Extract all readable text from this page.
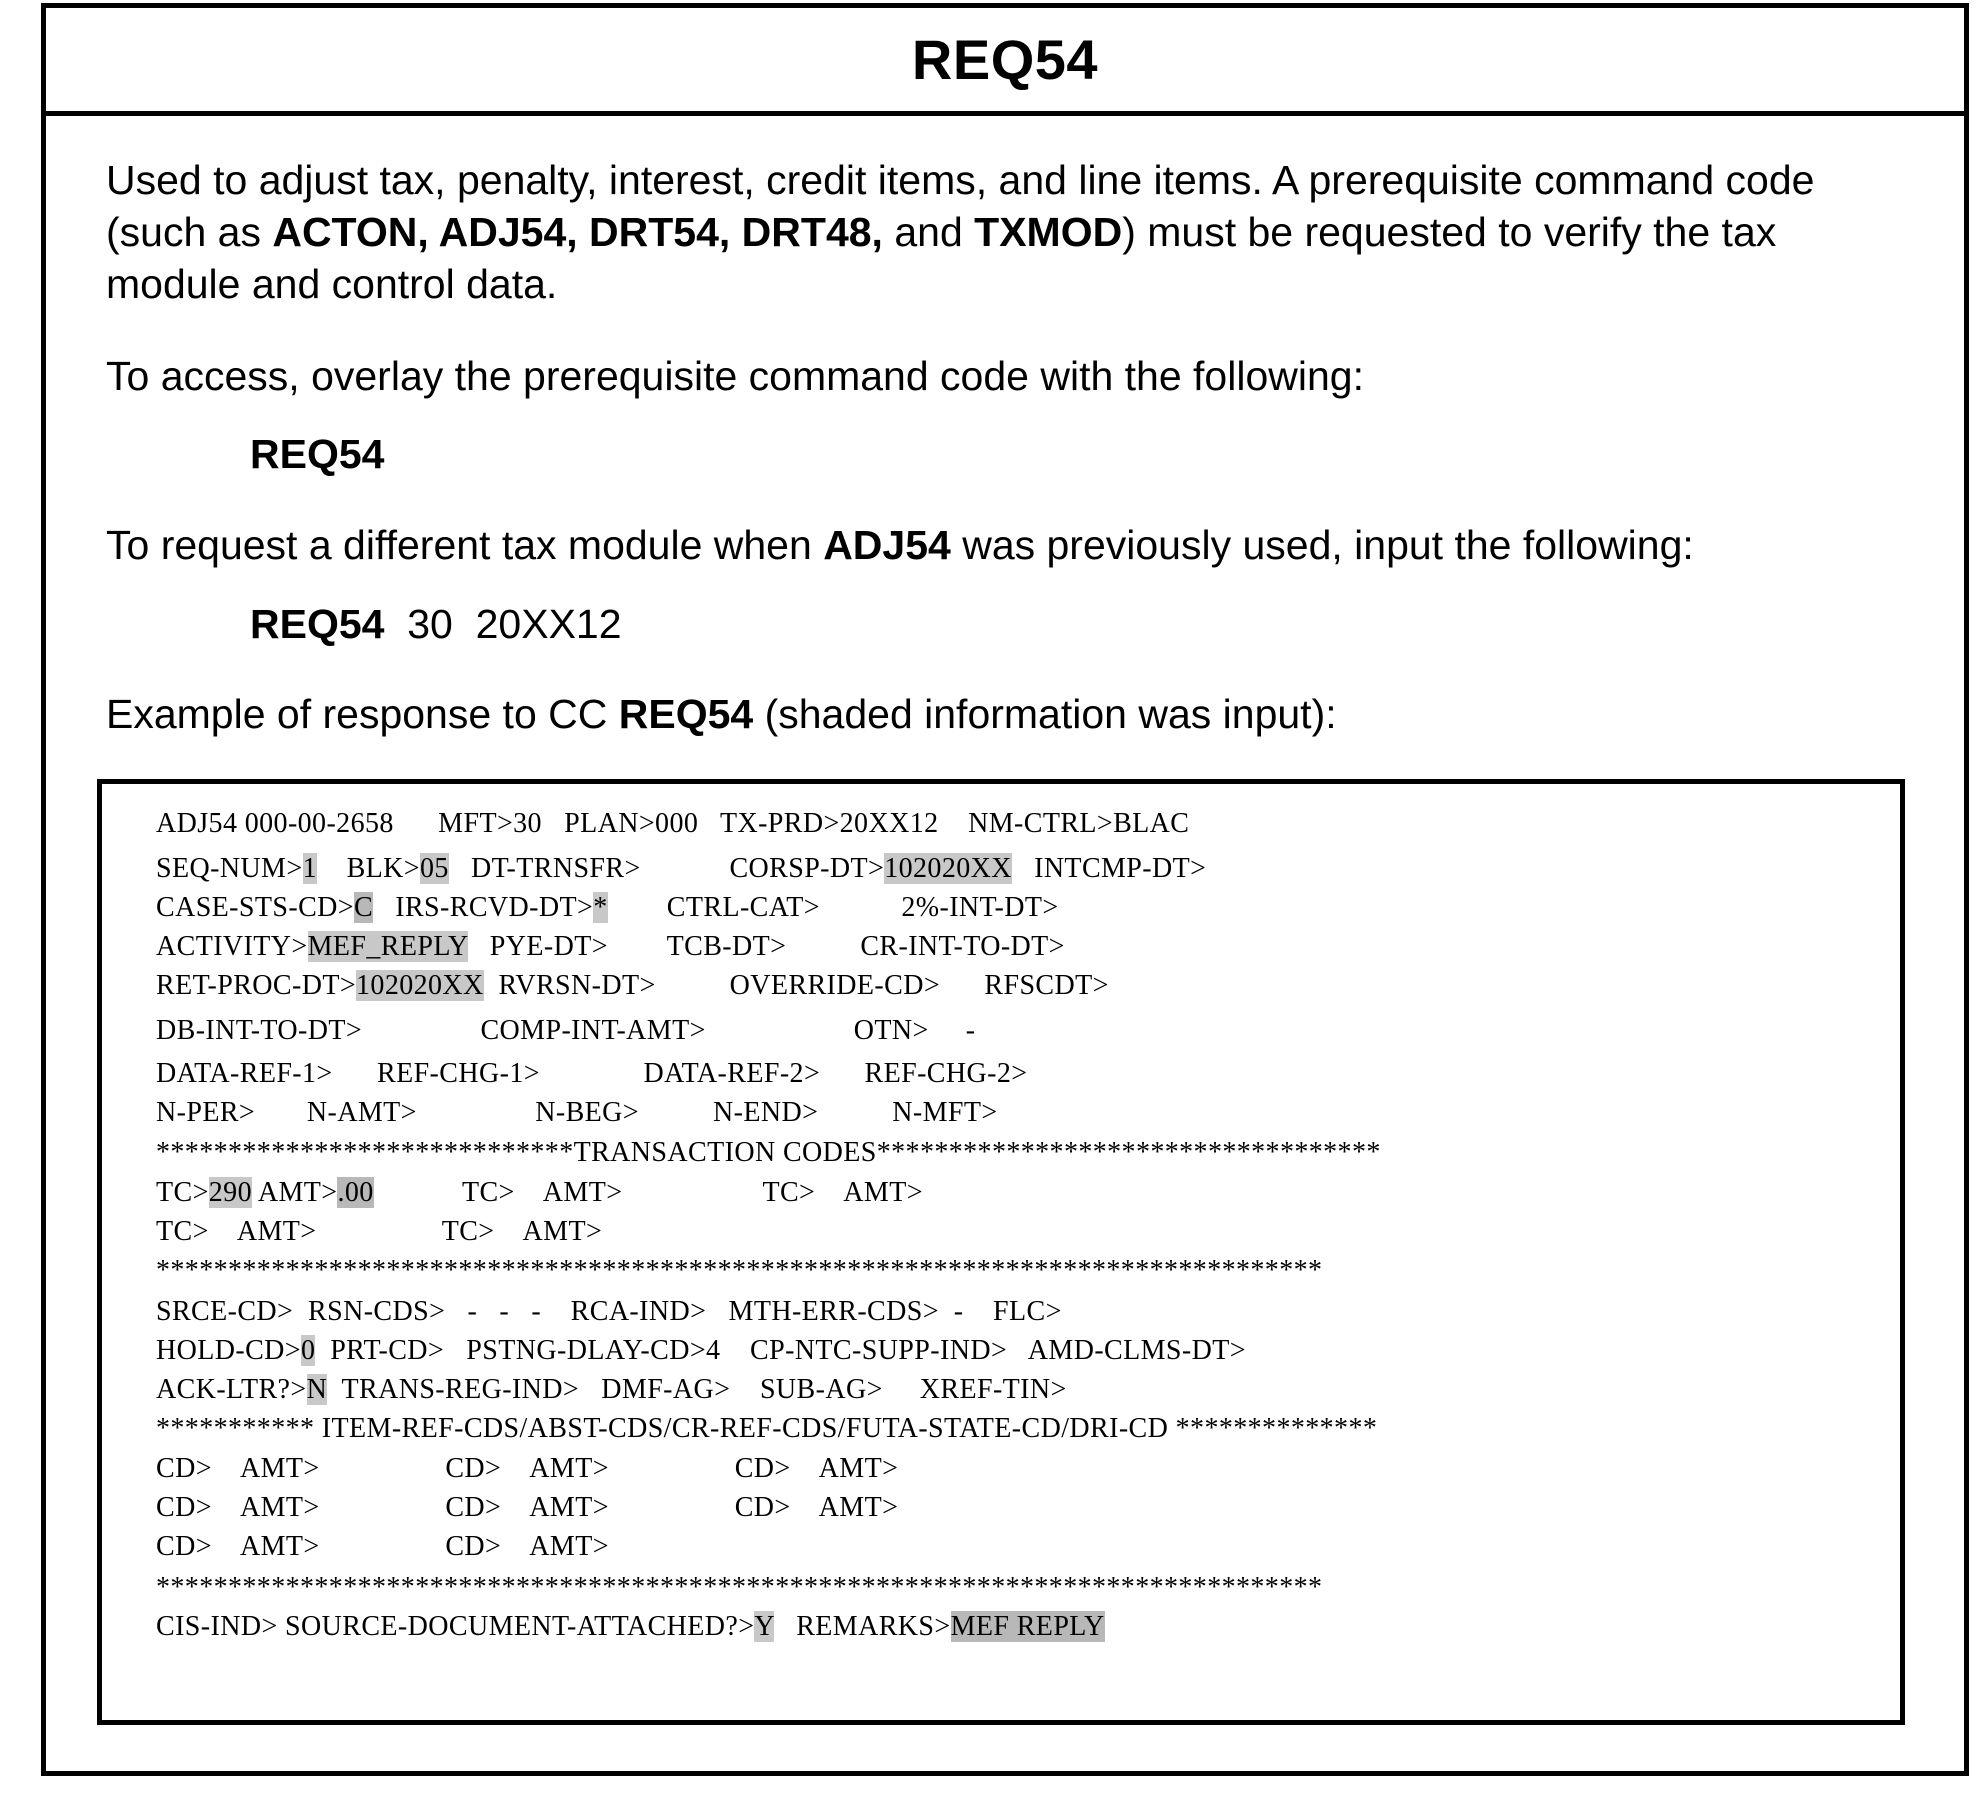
REQ54
Used to adjust tax, penalty, interest, credit items, and line items. A prerequisite command code (such as ACTON, ADJ54, DRT54, DRT48, and TXMOD) must be requested to verify the tax module and control data.
To access, overlay the prerequisite command code with the following:
REQ54
To request a different tax module when ADJ54 was previously used, input the following:
REQ54  30  20XX12
Example of response to CC REQ54 (shaded information was input):
ADJ54 000-00-2658      MFT>30   PLAN>000   TX-PRD>20XX12    NM-CTRL>BLAC
SEQ-NUM>1    BLK>05   DT-TRNSFR>            CORSP-DT>102020XX   INTCMP-DT>
CASE-STS-CD>C   IRS-RCVD-DT>*        CTRL-CAT>           2%-INT-DT>
ACTIVITY>MEF_REPLY   PYE-DT>        TCB-DT>          CR-INT-TO-DT>
RET-PROC-DT>102020XX  RVRSN-DT>          OVERRIDE-CD>      RFSCDT>
DB-INT-TO-DT>                COMP-INT-AMT>                    OTN>     -
DATA-REF-1>      REF-CHG-1>              DATA-REF-2>      REF-CHG-2>
N-PER>       N-AMT>                N-BEG>          N-END>          N-MFT>
*****************************TRANSACTION CODES***********************************
TC>290 AMT>.00            TC>    AMT>                   TC>    AMT>
TC>    AMT>                 TC>    AMT>
*********************************************************************************
SRCE-CD>  RSN-CDS>   -   -   -    RCA-IND>   MTH-ERR-CDS>  -    FLC>
HOLD-CD>0  PRT-CD>   PSTNG-DLAY-CD>4    CP-NTC-SUPP-IND>   AMD-CLMS-DT>
ACK-LTR?>N  TRANS-REG-IND>   DMF-AG>    SUB-AG>     XREF-TIN>
*********** ITEM-REF-CDS/ABST-CDS/CR-REF-CDS/FUTA-STATE-CD/DRI-CD **************
CD>    AMT>                 CD>    AMT>                 CD>    AMT>
CD>    AMT>                 CD>    AMT>                 CD>    AMT>
CD>    AMT>                 CD>    AMT>
*********************************************************************************
CIS-IND> SOURCE-DOCUMENT-ATTACHED?>Y   REMARKS>MEF REPLY
